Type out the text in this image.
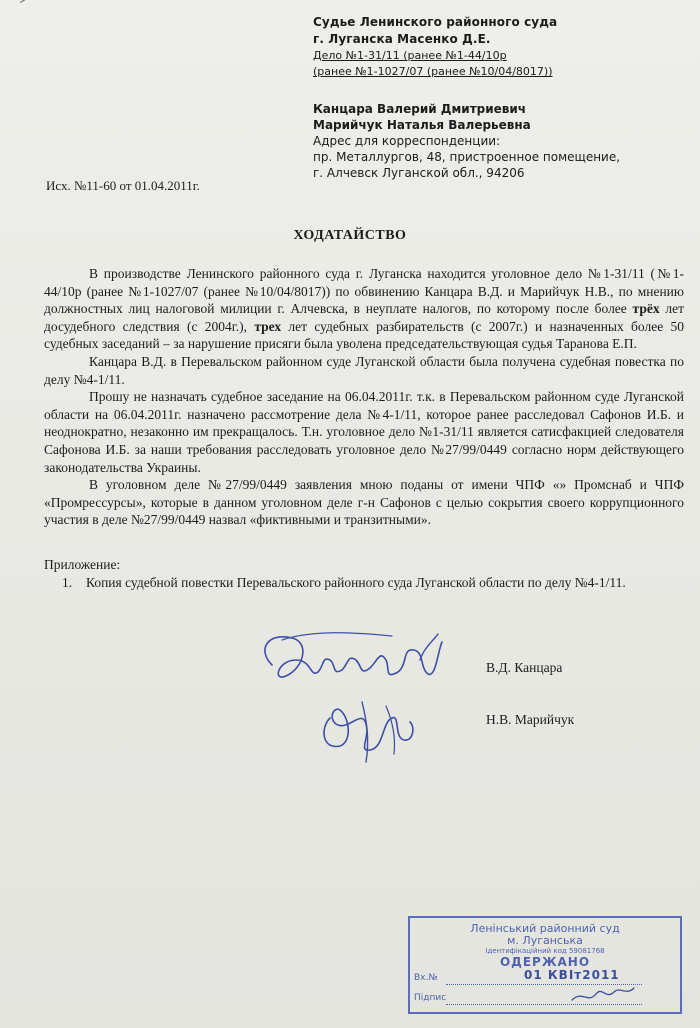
Судье Ленинского районного суда
г. Луганска Масенко Д.Е.
Дело №1-31/11 (ранее №1-44/10р
(ранее №1-1027/07 (ранее №10/04/8017))
Канцара Валерий Дмитриевич
Марийчук Наталья Валерьевна
Адрес для корреспонденции:
пр. Металлургов, 48, пристроенное помещение,
г. Алчевск Луганской обл., 94206
Исх. №11-60 от 01.04.2011г.
ХОДАТАЙСТВО

В производстве Ленинского районного суда г. Луганска находится уголовное дело №1-31/11 (№1-44/10р (ранее №1-1027/07 (ранее №10/04/8017)) по обвинению Канцара В.Д. и Марийчук Н.В., по мнению должностных лиц налоговой милиции г. Алчевска, в неуплате налогов, по которому после более трёх лет досудебного следствия (с 2004г.), трех лет судебных разбирательств (с 2007г.) и назначенных более 50 судебных заседаний – за нарушение присяги была уволена председательствующая судья Таранова Е.П.

Канцара В.Д. в Перевальском районном суде Луганской области была получена судебная повестка по делу №4-1/11.

Прошу не назначать судебное заседание на 06.04.2011г. т.к. в Перевальском районном суде Луганской области на 06.04.2011г. назначено рассмотрение дела №4-1/11, которое ранее расследовал Сафонов И.Б. и неоднократно, незаконно им прекращалось. Т.н. уголовное дело №1-31/11 является сатисфакцией следователя Сафонова И.Б. за наши требования расследовать уголовное дело №27/99/0449 согласно норм действующего законодательства Украины.

В уголовном деле №27/99/0449 заявления мною поданы от имени ЧПФ «» Промснаб и ЧПФ «Промрессурсы», которые в данном уголовном деле г-н Сафонов с целью сокрытия своего коррупционного участия в деле №27/99/0449 назвал «фиктивными и транзитными».

Приложение:
1. Копия судебной повестки Перевальского районного суда Луганской области по делу №4-1/11.
В.Д. Канцара
Н.В. Марийчук
Ленінський районний суд
м. Луганська
Ідентифікаційний код 59081768
ОДЕРЖАНО
Вх.№	01 КВІт2011
Підпис
